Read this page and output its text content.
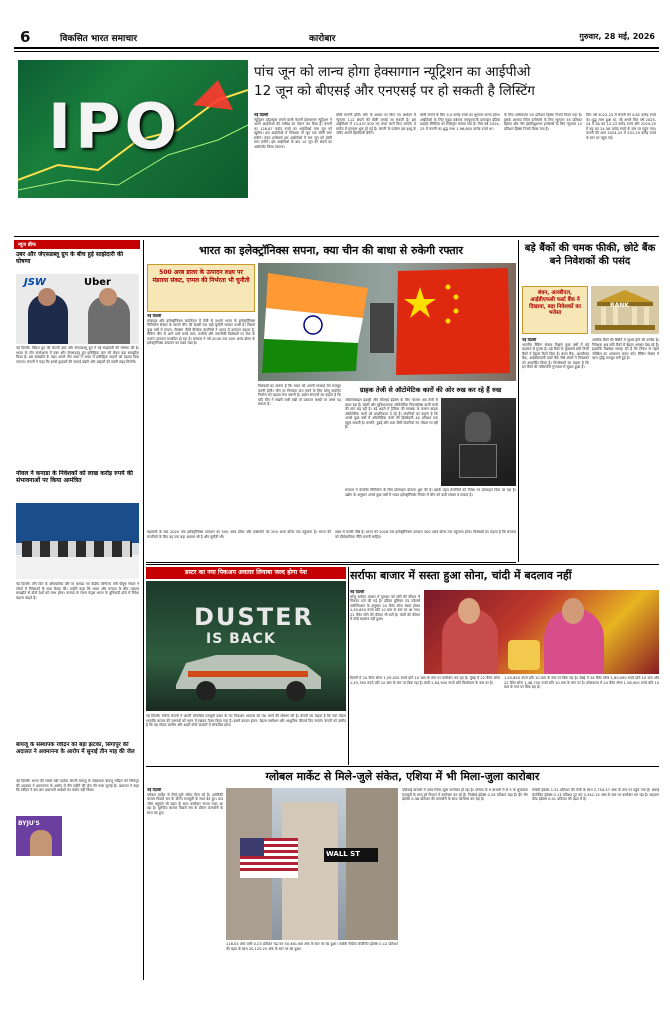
6	विकसित भारत समाचार	कारोबार	गुरुवार, 28 मई, 2026
IPO
पांच जून को लान्च होगा हेक्सागान न्यूट्रिशन का आईपीओ
12 जून को बीएसई और एनएसई पर हो सकती है लिस्टिंग
नई दिल्ली
न्यूट्रिशन प्रोडक्ट्स बनाने वाली कंपनी हेक्सागान न्यूट्रिशन ने अपने आईपीओ की तारीख का ऐलान कर दिया है। कंपनी का 128.87 करोड़ रुपये का आईपीओ पांच जून को खुलेगा। इस आईपीओ में निवेशक नौ जून तक बोली लगा सकेंगे। एंकर इन्वेस्टर्स इस आईपीओ में चार जून को बोली लगा सकेंगे। इस आईपीओ के बाद 10 जून को शेयरों का अलॉटमेंट किया जाएगा।
बोली लगानी होगी। लॉट के आधार पर किए गए आवेदन में न्यूनतम 112 शेयरों की बोली लगाई जा सकती है। इस आईपीओ में 13,437,500 नए शेयर जारी किए जाएंगे। ग्रे मार्केट में हलचल शुरू हो गई है। कंपनी के प्रमोटर इस इश्यू के जरिए अपनी हिस्सेदारी बेचेंगे।
बोली लगाने के लिए 4.5 करोड़ रुपये का भुगतान करना होगा। आईपीओ के लिए मुख्य प्रबंधक एमयूएफजी इनटाइम इंडिया प्राइवेट लिमिटेड को रजिस्ट्रार बनाया गया है। वित्त वर्ष 2024-25 में कंपनी का शुद्ध लाभ 1,96,805 करोड़ रुपये था।
के लिए अधिकतम 50 प्रतिशत हिस्सा रिजर्व किया गया है। इसके अलावा रिटेल इन्वेस्टर्स के लिए न्यूनतम 35 प्रतिशत हिस्सा और नॉन इंस्टीट्यूशनल इन्वेस्टर्स के लिए न्यूनतम 15 प्रतिशत हिस्सा रिजर्व किया गया है।
वित्त वर्ष 2022-23 में कंपनी को 5.82 करोड़ रुपये का शुद्ध लाभ हुआ था, जो अगले वित्त वर्ष 2023-24 में बढ़ कर 12.23 करोड़ रुपये और 2024-25 में बढ़ कर 24.38 करोड़ रुपये के स्तर पर पहुंच गया। कंपनी की आय 2024-25 में 331.29 करोड़ रुपये के स्तर पर पहुंच गई।
न्यूज ब्रीफ
उबर और जेएसडब्लू ग्रुप के बीच हुई साझेदारी की घोषणा
JSW	Uber
नई दिल्ली। जिंदल ग्रुप की कंपनी उबर और जेएसडब्लू ग्रुप ने नई साझेदारी की घोषणा की है। भारत के टॉप स्टार्टअप्स में उबर और जेएसडब्लू ग्रुप इलेक्ट्रिक कार को लेकर बड़ा समझौता किया है। इस समझौते के तहत अगले तीन साल में भारत में इलेक्ट्रिक वाहनों को बढ़ावा दिया जाएगा। कंपनी ने कहा कि इससे ड्राइवरों की कमाई बढ़ेगी और ग्राहकों को सस्ती राइड मिलेगी।
नोवल ने कनाडा के निवेशकों को लाख करोड़ रुपये की संभावनाओं पर किया आमंत्रित
नई दिल्ली। तीन दिन के औपचारिक दौरे पर कनाडा गए केंद्रीय वाणिज्य मंत्री पीयूष गोयल ने टोरंटो में निवेशकों के साथ बैठक की। उन्होंने कहा कि भारत और कनाडा के बीच व्यापार समझौते से दोनों देशों को लाभ होगा। कनाडा के पेंशन फंड्स भारत के बुनियादी ढांचे में निवेश बढ़ाना चाहते हैं।
बायजू के संस्थापक रवींद्रन को बड़ा झटका, सिंगापुर की अदालत ने अवमानना के आरोप में सुनाई तीन माह की जेल
BYJU'S
नई दिल्ली। भारत की सबसे बड़ी एडटेक कंपनी बायजू के संस्थापक बायजू रवींद्रन को सिंगापुर की अदालत ने अवमानना के आरोप में तीन महीने की जेल की सजा सुनाई है। अदालत ने कहा कि रवींद्रन ने बार-बार अदालती आदेशों का पालन नहीं किया।
भारत का इलेक्ट्रॉनिक्स सपना, क्या चीन की बाधा से रुकेगी रफ्तार
500 अरब डालर के उत्पादन लक्ष्य पर मंडराया संकट, एप्पल की निर्भरता भी चुनौती
नई दिल्ली
मोबाइल और इलेक्ट्रॉनिक्स कंपोनेंट्स में तेजी से उभरते भारत के इलेक्ट्रॉनिक्स विनिर्माण सेक्टर के सामने चीन की सख्ती एक बड़ी चुनौती बनकर उभरी है। पिछले कुछ वर्षों में एप्पल, सैमसंग जैसी वैश्विक कंपनियों ने भारत में उत्पादन बढ़ाया है, लेकिन चीन से आने वाले कच्चे माल, मशीनों और तकनीकी विशेषज्ञों पर रोक के कारण उत्पादन प्रभावित हो रहा है। सरकार ने वर्ष 2030 तक 500 अरब डॉलर के इलेक्ट्रॉनिक्स उत्पादन का लक्ष्य रखा है।
विशेषज्ञों का मानना है कि भारत को अपनी सप्लाई चेन मजबूत करनी होगी। चीन पर निर्भरता कम करने के लिए घरेलू कंपोनेंट निर्माण को बढ़ावा देना जरूरी है। उद्योग संगठनों का कहना है कि यदि चीन ने सख्ती जारी रखी तो उत्पादन लक्ष्यों पर असर पड़ सकता है।
ग्राहक तेजी से ऑटोमेटिक कारों की ओर रुख कर रहे हैं रुख
ऑटोमोबाइल इंडस्ट्री और बीएसई इंडेक्स के लिए बाजार अब तेजी से बदल रहा है। सस्ती और सुविधाजनक ऑटोमेटिक गियरबॉक्स वाली कारों की मांग बढ़ रही है। बड़े शहरों में ट्रैफिक की समस्या के कारण ग्राहक ऑटोमेटिक कारों को प्राथमिकता दे रहे हैं। कंपनियों का कहना है कि अगले कुछ वर्षों में ऑटोमेटिक कारों की हिस्सेदारी 40 प्रतिशत तक पहुंच सकती है। मारुति, हुंडई और टाटा जैसी कंपनियां नए मॉडल ला रही हैं।
सरकार ने कंपोनेंट विनिर्माण के लिए प्रोत्साहन योजना शुरू की है। इसके तहत कंपनियों को निवेश पर प्रोत्साहन दिया जा रहा है। उद्योग के अनुसार अगले कुछ वर्षों में भारत इलेक्ट्रॉनिक्स निर्यात में चीन को कड़ी टक्कर दे सकता है।
महामारी के बाद 2020 तक इलेक्ट्रॉनिक्स उत्पादन का 500 अरब डॉलर और एक्सपोर्ट को 200 अरब डॉलर तक पहुंचाना है। भारत की कंपनियों के लिए यह एक बड़ा अवसर भी है और चुनौती भी।
लक्ष्य से काफी पीछे है। भारत को 2026 तक इलेक्ट्रॉनिक्स उत्पादन 300 अरब डॉलर तक पहुंचाना होगा। विशेषज्ञों का कहना है कि सरकार को दीर्घकालिक नीति बनानी चाहिए।
बड़े बैंकों की चमक फीकी, छोटे बैंक बने निवेशकों की पसंद
बंधन, आरबीएल, आईडीएफसी फर्स्ट बैंक ने दिखाया, बड़ा निवेशकों का भरोसा
BANK
नई दिल्ली
भारतीय बैंकिंग सेक्टर पिछले कुछ वर्षों में बड़े बदलाव से गुजरा है। बड़े बैंकों के मुकाबले छोटे निजी बैंकों ने बेहतर रिटर्न दिया है। बंधन बैंक, आरबीएल बैंक, आईडीएफसी फर्स्ट बैंक जैसे शेयरों ने निवेशकों को आकर्षित किया है। विश्लेषकों का कहना है कि इन बैंकों की परिसंपत्ति गुणवत्ता में सुधार हुआ है।
आर्थिक बैंकों की स्थिति में सुधार होने की उम्मीद है। निवेशक अब छोटे बैंकों में बेहतर अवसर देख रहे हैं। हालांकि विशेषज्ञ सलाह देते हैं कि निवेश से पहले जोखिम का आकलन जरूर करें। बैंकिंग सेक्टर में ऋण वृद्धि मजबूत बनी हुई है।
डस्टर का नया पिकअप अवतार लियाबा जल्द होगा पेश
DUSTER
IS BACK
नई दिल्ली। रेनॉल्ट कंपनी ने अपनी लोकप्रिय एसयूवी डस्टर के नए पिकअप अवतार को पेश करने की घोषणा की है। कंपनी का कहना है कि नया मॉडल भारतीय बाजार की जरूरतों को ध्यान में रखकर तैयार किया गया है। इसमें दमदार इंजन, बेहतर सस्पेंशन और आधुनिक फीचर्स दिए जाएंगे। कंपनी को उम्मीद है कि यह मॉडल ग्रामीण और शहरी दोनों बाजारों में लोकप्रिय होगा।
सर्राफा बाजार में सस्ता हुआ सोना, चांदी में बदलाव नहीं
नई दिल्ली
घरेलू सर्राफा बाजार में गुरुवार को सोने की कीमत में गिरावट दर्ज की गई है। इंडिया बुलियन एंड ज्वेलर्स एसोसिएशन के अनुसार 24 कैरेट सोना सस्ता होकर 1,45,650 रुपये प्रति 10 ग्राम के स्तर पर आ गया। 22 कैरेट सोने की कीमत भी घटी है। चांदी की कीमत में कोई बदलाव नहीं हुआ।
दिल्ली में 24 कैरेट सोना 1,59,020 रुपये प्रति 10 ग्राम के स्तर पर कारोबार कर रहा है। मुंबई में 22 कैरेट सोना 1,45,760 रुपये प्रति 10 ग्राम के स्तर पर बिक रहा है। चांदी 2,84,900 रुपये प्रति किलोग्राम के स्तर पर है।
1,45,650 रुपये प्रति 10 ग्राम के स्तर पर बिक रहा है। चेन्नई में 24 कैरेट सोना 1,60,090 रुपये प्रति 10 ग्राम और 22 कैरेट सोना 1,46,750 रुपये प्रति 10 ग्राम के स्तर पर है। कोलकाता में 24 कैरेट सोना 1,58,900 रुपये प्रति 10 ग्राम के स्तर पर बिक रहा है।
ग्लोबल मार्केट से मिले-जुले संकेत, एशिया में भी मिला-जुला कारोबार
नई दिल्ली
ग्लोबल मार्केट से मिले-जुले संकेत मिल रहे हैं। अमेरिकी बाजार पिछले सत्र के दौरान मजबूती के साथ बंद हुए। डाउ जोंस फ्यूचर्स भी बढ़त के साथ कारोबार करता नजर आ रहा है। यूरोपीय बाजार पिछले सत्र के दौरान कमजोरी के साथ बंद हुए।
WALL ST
118.03 अंक यानी 0.23 प्रतिशत चढ़ कर 50,461.68 अंक के स्तर पर बंद हुआ। जबकि नैस्डैक कंपोजिट इंडेक्स 0.12 प्रतिशत की बढ़त के साथ 20,120.25 अंक के स्तर पर बंद हुआ।
एशियाई बाजारों में आज मिला-जुला कारोबार हो रहा है। एशिया के 9 बाजारों में से 5 के सूचकांक मजबूती के साथ हरे निशान में कारोबार कर रहे हैं। निक्केई इंडेक्स 0.24 प्रतिशत चढ़ा है। हैंग सेंग इंडेक्स 0.38 प्रतिशत की कमजोरी के साथ कारोबार कर रहा है।
कोस्पी इंडेक्स 1.31 प्रतिशत की तेजी के साथ 2,754.57 अंक के स्तर पर पहुंच गया है। शंघाई कंपोजिट इंडेक्स 0.13 प्रतिशत टूट कर 3,342.15 अंक के स्तर पर कारोबार कर रहा है। ताइवान वेटेड इंडेक्स 0.41 प्रतिशत की बढ़त में है।
